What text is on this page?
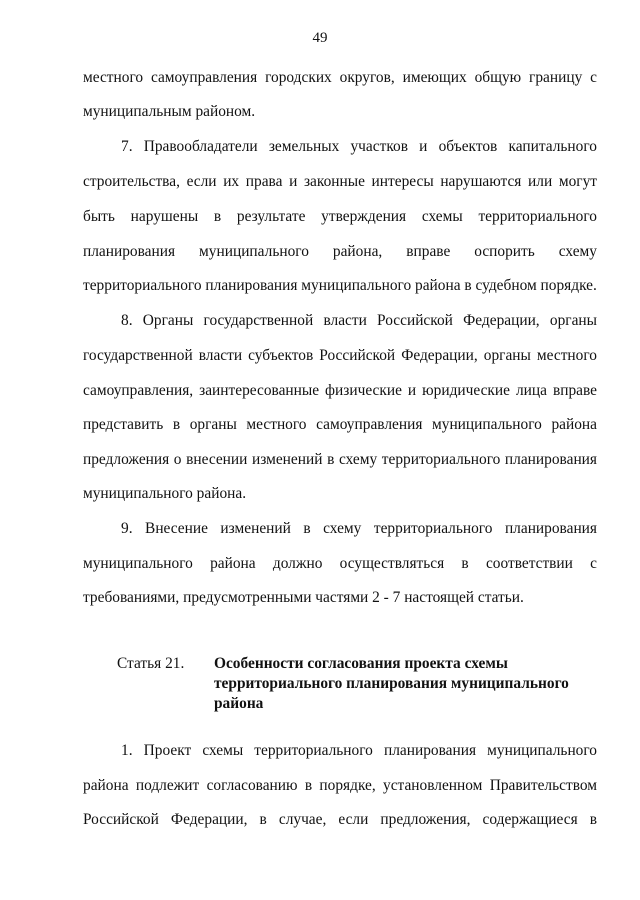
49
местного самоуправления городских округов, имеющих общую границу с
муниципальным районом.
7. Правообладатели земельных участков и объектов капитального
строительства, если их права и законные интересы нарушаются или могут
быть нарушены в результате утверждения схемы территориального
планирования муниципального района, вправе оспорить схему
территориального планирования муниципального района в судебном порядке.
8. Органы государственной власти Российской Федерации, органы
государственной власти субъектов Российской Федерации, органы местного
самоуправления, заинтересованные физические и юридические лица вправе
представить в органы местного самоуправления муниципального района
предложения о внесении изменений в схему территориального планирования
муниципального района.
9. Внесение изменений в схему территориального планирования
муниципального района должно осуществляться в соответствии с
требованиями, предусмотренными частями 2 - 7 настоящей статьи.
Статья 21. Особенности согласования проекта схемы
территориального планирования муниципального
района
1. Проект схемы территориального планирования муниципального
района подлежит согласованию в порядке, установленном Правительством
Российской Федерации, в случае, если предложения, содержащиеся в
